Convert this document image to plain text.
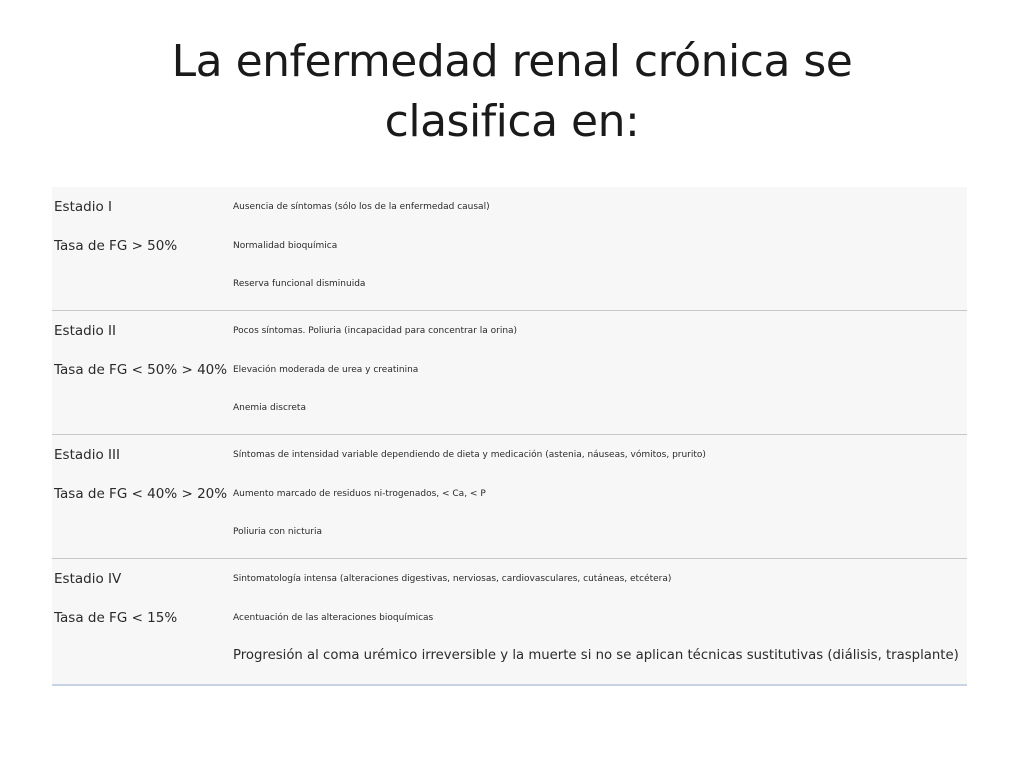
La enfermedad renal crónica se clasifica en:
Estadio I
Tasa de FG > 50%
Ausencia de síntomas (sólo los de la enfermedad causal)
Normalidad bioquímica
Reserva funcional disminuida
Estadio II
Tasa de FG < 50% > 40%
Pocos síntomas. Poliuria (incapacidad para concentrar la orina)
Elevación moderada de urea y creatinina
Anemia discreta
Estadio III
Tasa de FG < 40% > 20%
Síntomas de intensidad variable dependiendo de dieta y medicación (astenia, náuseas, vómitos, prurito)
Aumento marcado de residuos ni-trogenados, < Ca, < P
Poliuria con nicturia
Estadio IV
Tasa de FG < 15%
Sintomatología intensa (alteraciones digestivas, nerviosas, cardiovasculares, cutáneas, etcétera)
Acentuación de las alteraciones bioquímicas
Progresión al coma urémico irreversible y la muerte si no se aplican técnicas sustitutivas (diálisis, trasplante)
